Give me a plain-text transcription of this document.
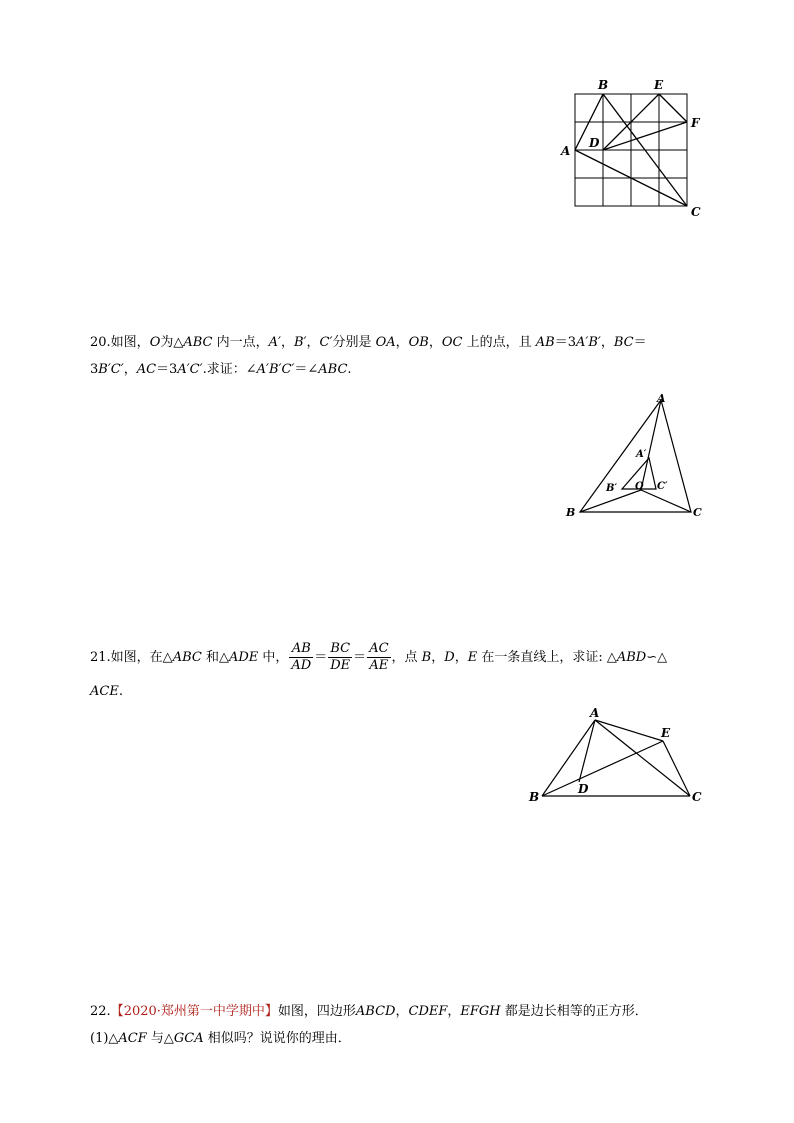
B	E
F
A
D
C
20.如图，O为△ABC 内一点，A′，B′，C′分别是 OA，OB，OC 上的点，且 AB＝3A′B′，BC＝
3B′C′，AC＝3A′C′.求证：∠A′B′C′＝∠ABC.
A
B	C
A′
B′	C′
O
21.如图，在△ABC 和△ADE 中， $\frac{AB}{AD} = \frac{BC}{DE} = \frac{AC}{AE}$ ，点 B，D，E 在一条直线上，求证: △ABD∽△
ACE.
A
B	C
E
D
22.【2020·郑州第一中学期中】如图，四边形ABCD，CDEF，EFGH 都是边长相等的正方形．
(1)△ACF 与△GCA 相似吗？说说你的理由．
